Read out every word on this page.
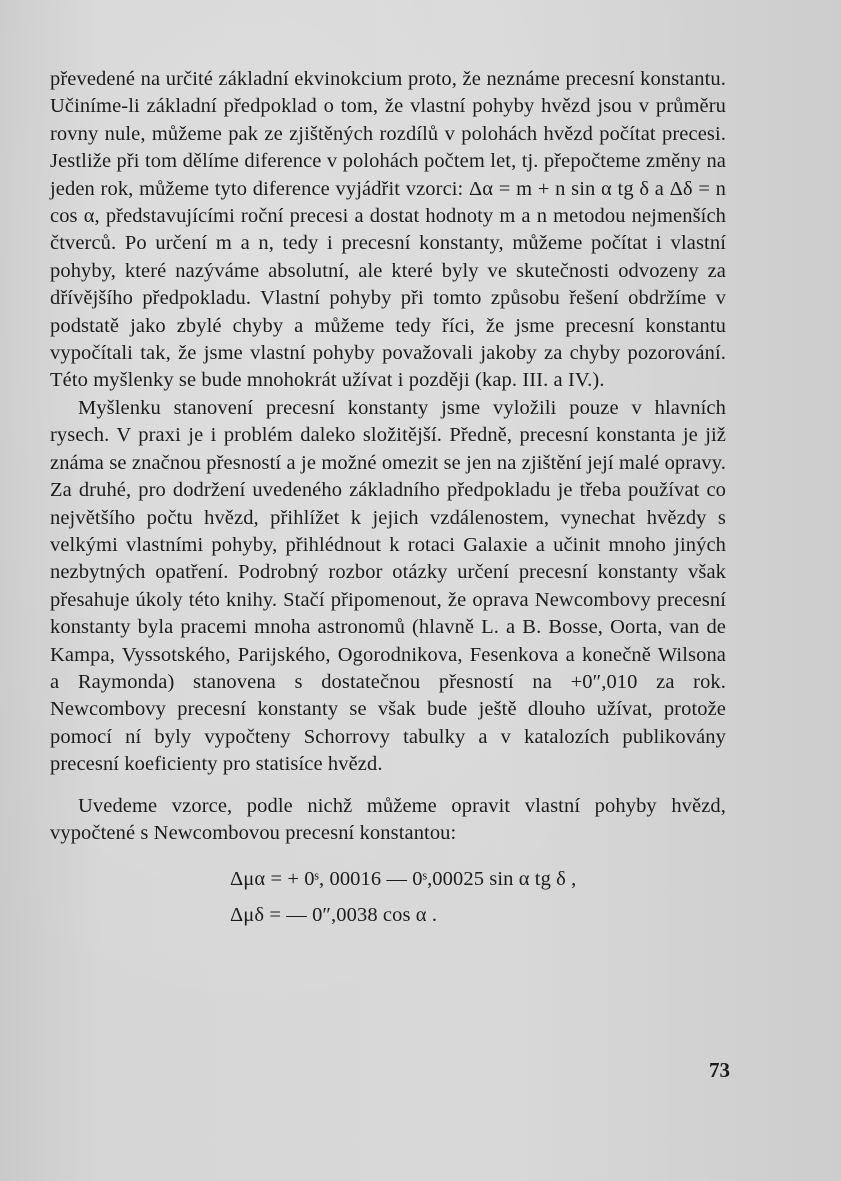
převedené na určité základní ekvinokcium proto, že neznáme precesní konstantu. Učiníme-li základní předpoklad o tom, že vlastní pohyby hvězd jsou v průměru rovny nule, můžeme pak ze zjištěných rozdílů v polohách hvězd počítat precesi. Jestliže při tom dělíme diference v polohách počtem let, tj. přepočteme změny na jeden rok, můžeme tyto diference vyjádřit vzorci: Δα = m + n sin α tg δ a Δδ = n cos α, představujícími roční precesi a dostat hodnoty m a n metodou nejmenších čtverců. Po určení m a n, tedy i precesní konstanty, můžeme počítat i vlastní pohyby, které nazýváme absolutní, ale které byly ve skutečnosti odvozeny za dřívějšího předpokladu. Vlastní pohyby při tomto způsobu řešení obdržíme v podstatě jako zbylé chyby a můžeme tedy říci, že jsme precesní konstantu vypočítali tak, že jsme vlastní pohyby považovali jakoby za chyby pozorování. Této myšlenky se bude mnohokrát užívat i později (kap. III. a IV.).

Myšlenku stanovení precesní konstanty jsme vyložili pouze v hlavních rysech. V praxi je i problém daleko složitější. Předně, precesní konstanta je již známa se značnou přesností a je možné omezit se jen na zjištění její malé opravy. Za druhé, pro dodržení uvedeného základního předpokladu je třeba používat co největšího počtu hvězd, přihlížet k jejich vzdálenostem, vynechat hvězdy s velkými vlastními pohyby, přihlédnout k rotaci Galaxie a učinit mnoho jiných nezbytných opatření. Podrobný rozbor otázky určení precesní konstanty však přesahuje úkoly této knihy. Stačí připomenout, že oprava Newcombovy precesní konstanty byla pracemi mnoha astronomů (hlavně L. a B. Bosse, Oorta, van de Kampa, Vyssotského, Parijského, Ogorodnikova, Fesenkova a konečně Wilsona a Raymonda) stanovena s dostatečnou přesností na +0″,010 za rok. Newcombovy precesní konstanty se však bude ještě dlouho užívat, protože pomocí ní byly vypočteny Schorrovy tabulky a v katalozích publikovány precesní koeficienty pro statisíce hvězd.

Uvedeme vzorce, podle nichž můžeme opravit vlastní pohyby hvězd, vypočtené s Newcombovou precesní konstantou:

Δμα = + 0ˢ, 00016 — 0ˢ,00025 sin α tg δ ,
Δμδ = — 0″,0038 cos α .
73
